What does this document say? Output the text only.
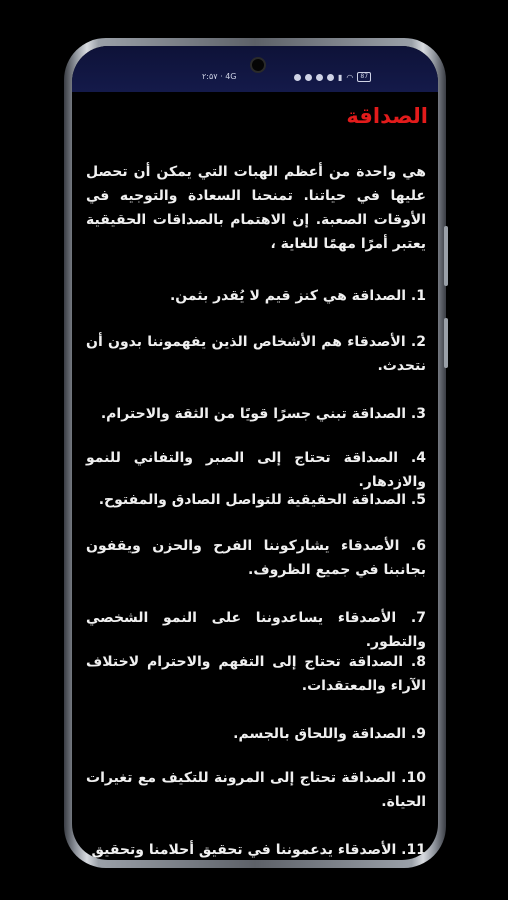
۲:۵۷ · 4G	▮ ◠	87
الصداقة
هي واحدة من أعظم الهبات التي يمكن أن تحصل عليها في حياتنا. تمنحنا السعادة والتوجيه في الأوقات الصعبة. إن الاهتمام بالصداقات الحقيقية يعتبر أمرًا مهمًا للغاية ،
1. الصداقة هي كنز قيم لا يُقدر بثمن.
2. الأصدقاء هم الأشخاص الذين يفهموننا بدون أن نتحدث.
3. الصداقة تبني جسرًا قويًا من الثقة والاحترام.
4. الصداقة تحتاج إلى الصبر والتفاني للنمو والازدهار.
5. الصداقة الحقيقية للتواصل الصادق والمفتوح.
6. الأصدقاء يشاركوننا الفرح والحزن ويقفون بجانبنا في جميع الظروف.
7. الأصدقاء يساعدوننا على النمو الشخصي والتطور.
8. الصداقة تحتاج إلى التفهم والاحترام لاختلاف الآراء والمعتقدات.
9. الصداقة واللحاق بالجسم.
10. الصداقة تحتاج إلى المرونة للتكيف مع تغيرات الحياة.
11. الأصدقاء يدعموننا في تحقيق أحلامنا وتحقيق
